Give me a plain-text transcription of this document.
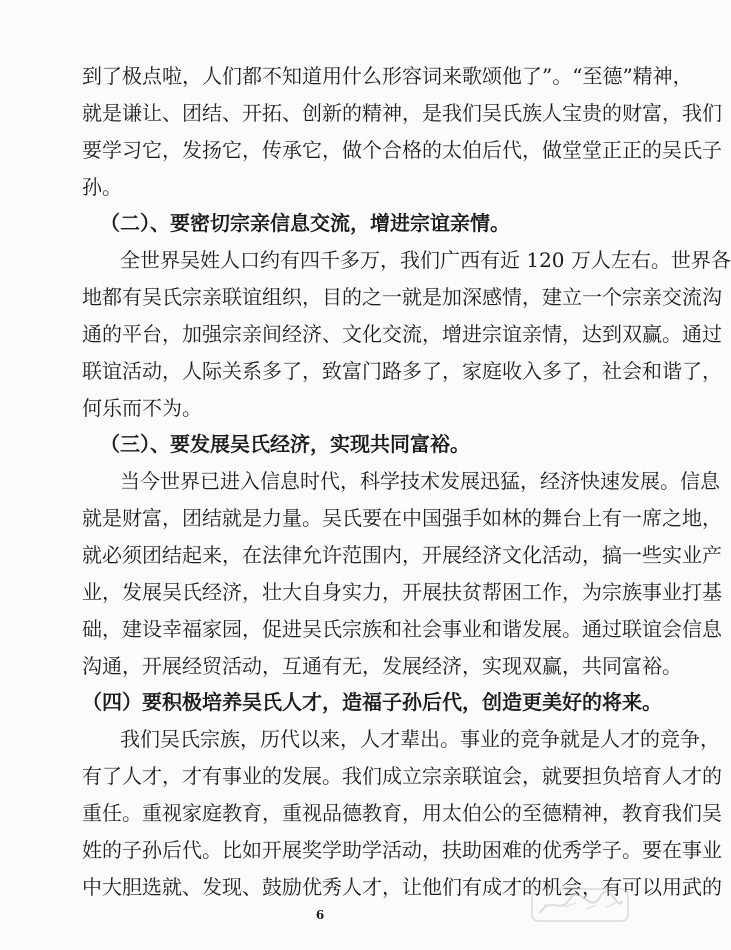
到了极点啦，人们都不知道用什么形容词来歌颂他了”。“至德”精神，
就是谦让、团结、开拓、创新的精神，是我们吴氏族人宝贵的财富，我们
要学习它，发扬它，传承它，做个合格的太伯后代，做堂堂正正的吴氏子
孙。
（二）、要密切宗亲信息交流，增进宗谊亲情。
全世界吴姓人口约有四千多万，我们广西有近 120 万人左右。世界各
地都有吴氏宗亲联谊组织，目的之一就是加深感情，建立一个宗亲交流沟
通的平台，加强宗亲间经济、文化交流，增进宗谊亲情，达到双赢。通过
联谊活动，人际关系多了，致富门路多了，家庭收入多了，社会和谐了，
何乐而不为。
（三）、要发展吴氏经济，实现共同富裕。
当今世界已进入信息时代，科学技术发展迅猛，经济快速发展。信息
就是财富，团结就是力量。吴氏要在中国强手如林的舞台上有一席之地，
就必须团结起来，在法律允许范围内，开展经济文化活动，搞一些实业产
业，发展吴氏经济，壮大自身实力，开展扶贫帮困工作，为宗族事业打基
础，建设幸福家园，促进吴氏宗族和社会事业和谐发展。通过联谊会信息
沟通，开展经贸活动，互通有无，发展经济，实现双赢，共同富裕。
（四）要积极培养吴氏人才，造福子孙后代，创造更美好的将来。
我们吴氏宗族，历代以来，人才辈出。事业的竞争就是人才的竞争，
有了人才，才有事业的发展。我们成立宗亲联谊会，就要担负培育人才的
重任。重视家庭教育，重视品德教育，用太伯公的至德精神，教育我们吴
姓的子孙后代。比如开展奖学助学活动，扶助困难的优秀学子。要在事业
中大胆选就、发现、鼓励优秀人才，让他们有成才的机会，有可以用武的
6
